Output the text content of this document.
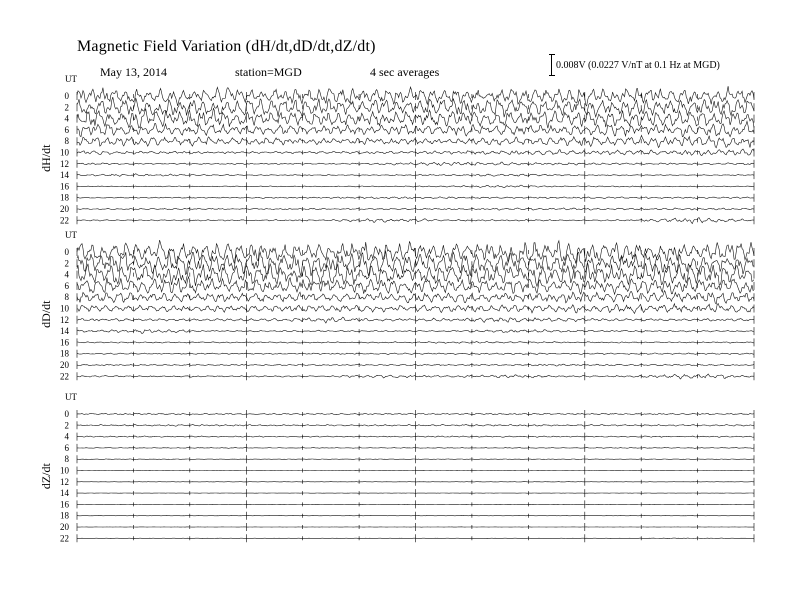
Magnetic Field Variation (dH/dt,dD/dt,dZ/dt)
May 13, 2014	station=MGD	4 sec averages	0.008V (0.0227 V/nT at 0.1 Hz at MGD)
UT
dH/dt
0
2
4
6
8
10
12
14
16
18
20
22
UT
dD/dt
0
2
4
6
8
10
12
14
16
18
20
22
UT
dZ/dt
0
2
4
6
8
10
12
14
16
18
20
22
